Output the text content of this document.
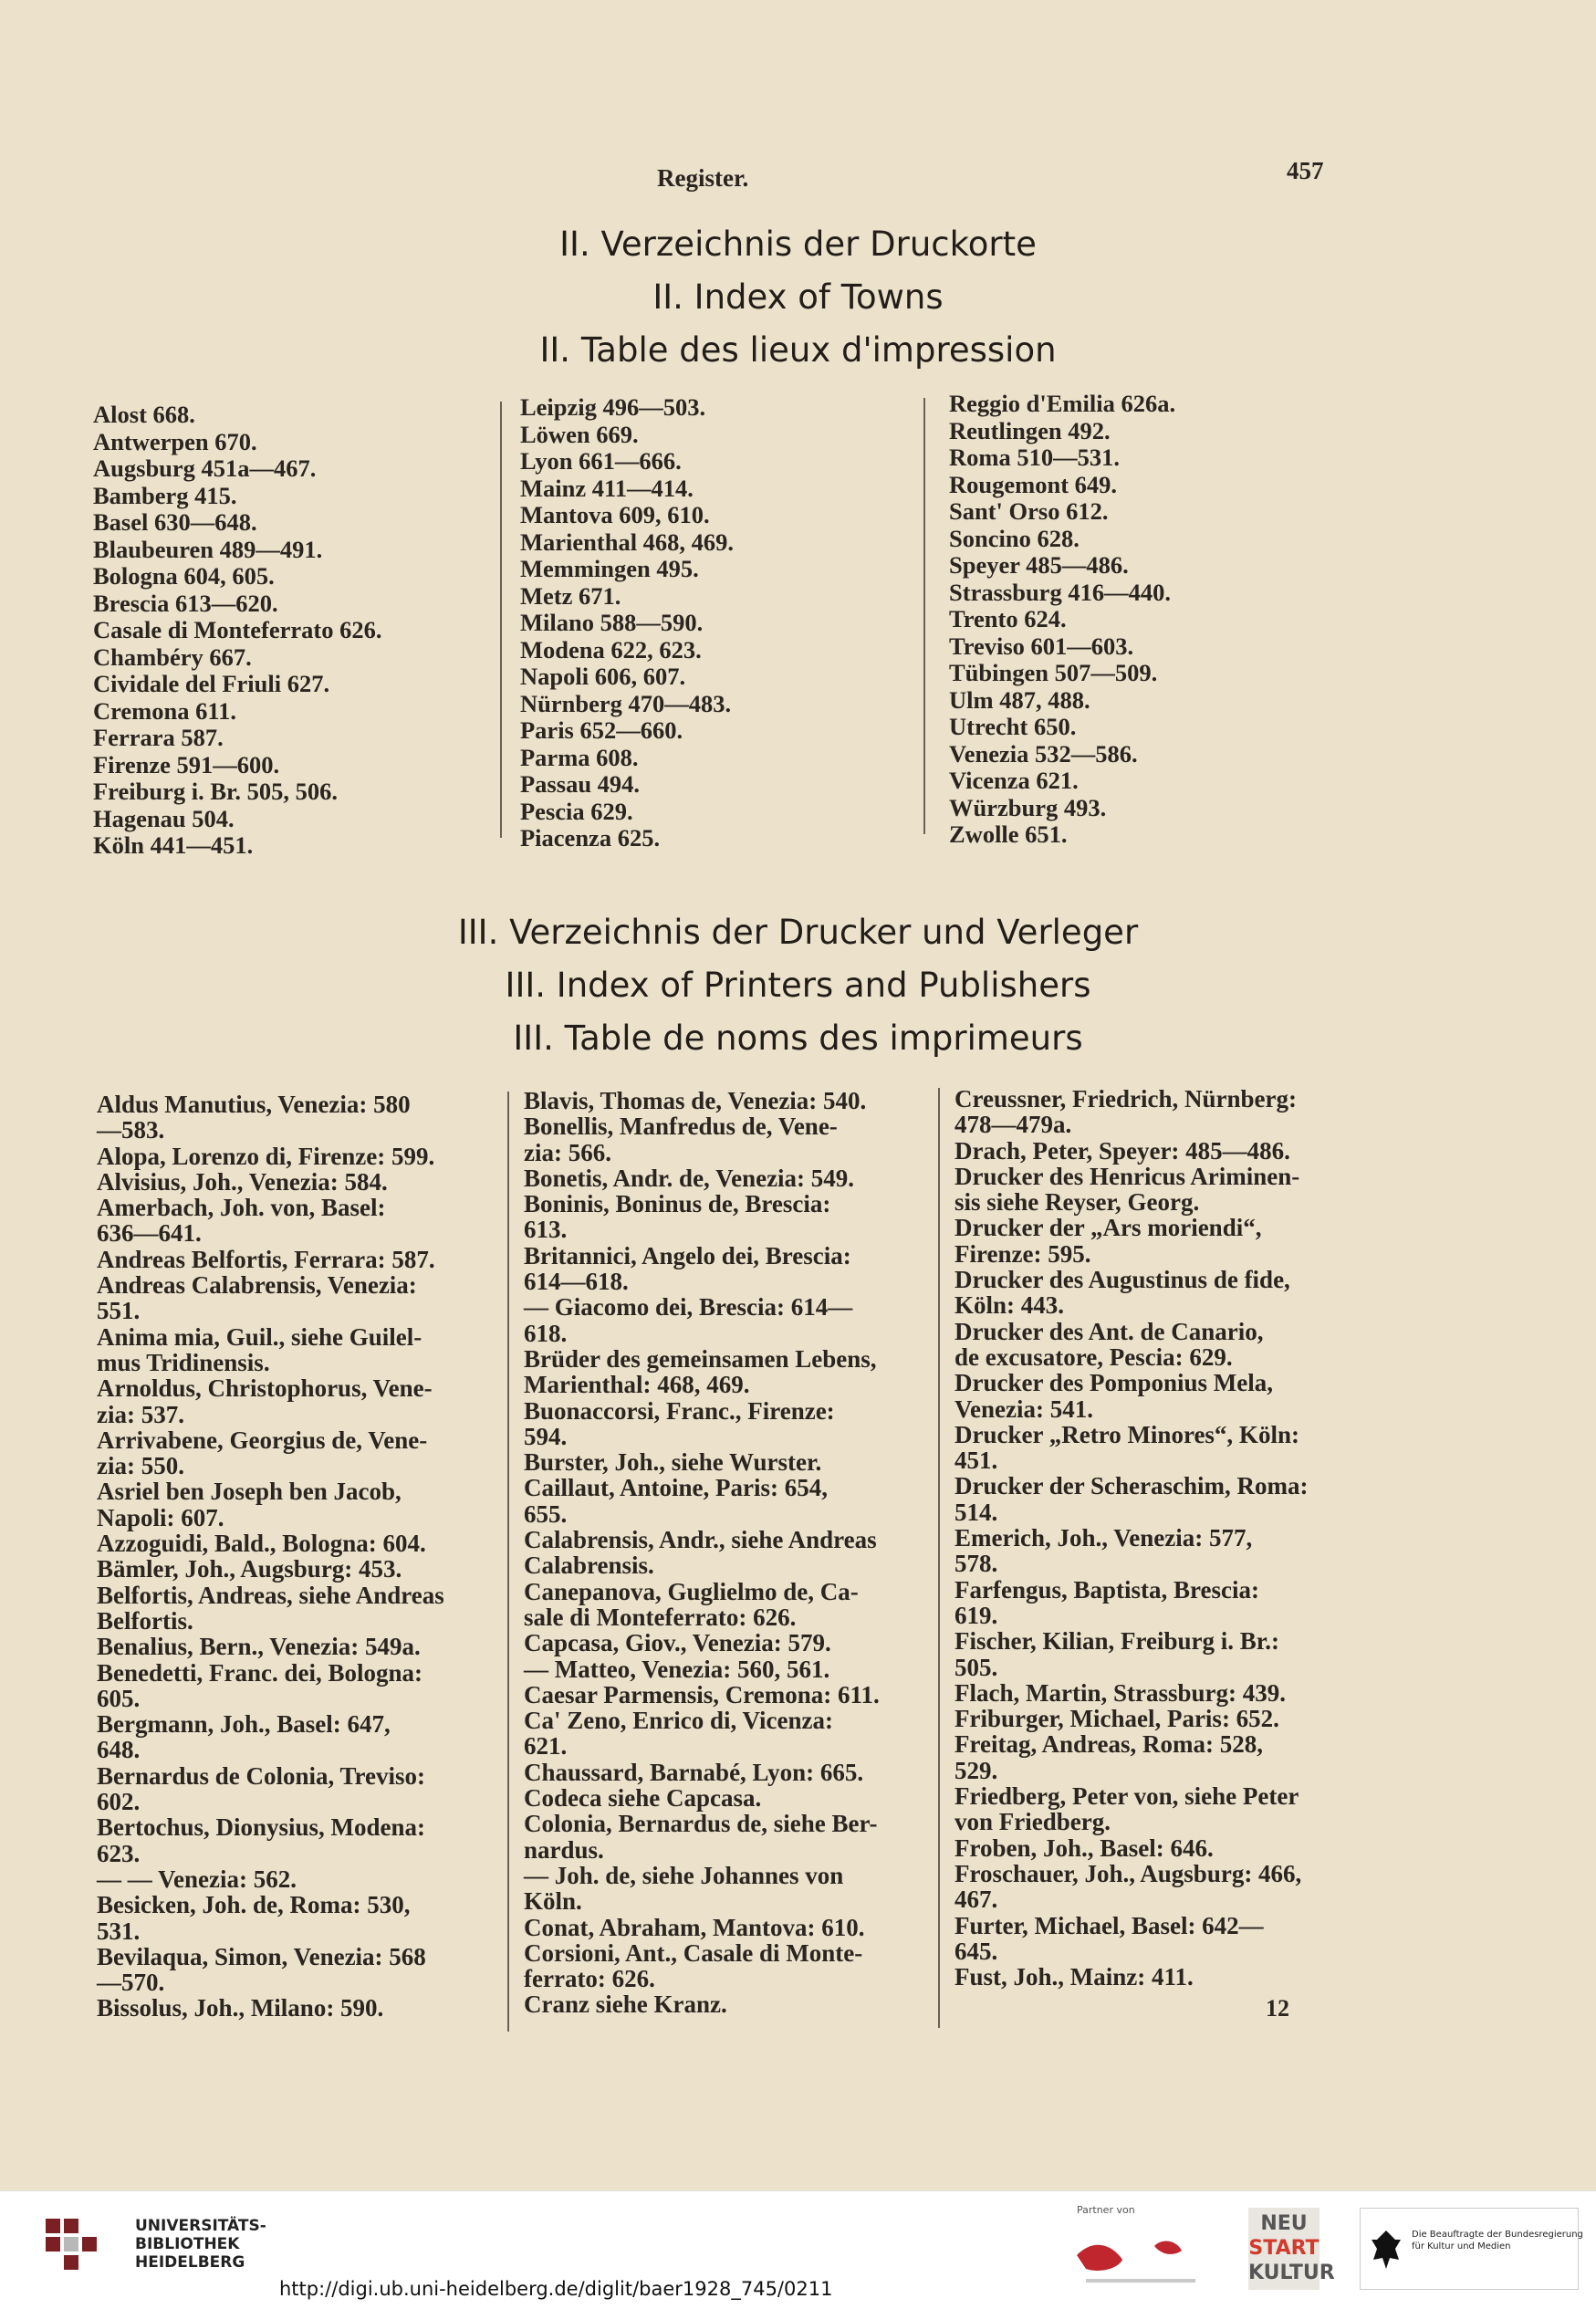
Register.	457
II. Verzeichnis der Druckorte
II. Index of Towns
II. Table des lieux d'impression
Alost 668.
Antwerpen 670.
Augsburg 451a—467.
Bamberg 415.
Basel 630—648.
Blaubeuren 489—491.
Bologna 604, 605.
Brescia 613—620.
Casale di Monteferrato 626.
Chambéry 667.
Cividale del Friuli 627.
Cremona 611.
Ferrara 587.
Firenze 591—600.
Freiburg i. Br. 505, 506.
Hagenau 504.
Köln 441—451.
Leipzig 496—503.
Löwen 669.
Lyon 661—666.
Mainz 411—414.
Mantova 609, 610.
Marienthal 468, 469.
Memmingen 495.
Metz 671.
Milano 588—590.
Modena 622, 623.
Napoli 606, 607.
Nürnberg 470—483.
Paris 652—660.
Parma 608.
Passau 494.
Pescia 629.
Piacenza 625.
Reggio d'Emilia 626a.
Reutlingen 492.
Roma 510—531.
Rougemont 649.
Sant' Orso 612.
Soncino 628.
Speyer 485—486.
Strassburg 416—440.
Trento 624.
Treviso 601—603.
Tübingen 507—509.
Ulm 487, 488.
Utrecht 650.
Venezia 532—586.
Vicenza 621.
Würzburg 493.
Zwolle 651.
III. Verzeichnis der Drucker und Verleger
III. Index of Printers and Publishers
III. Table de noms des imprimeurs
Aldus Manutius, Venezia: 580
—583.
Alopa, Lorenzo di, Firenze: 599.
Alvisius, Joh., Venezia: 584.
Amerbach, Joh. von, Basel:
636—641.
Andreas Belfortis, Ferrara: 587.
Andreas Calabrensis, Venezia:
551.
Anima mia, Guil., siehe Guilel-
mus Tridinensis.
Arnoldus, Christophorus, Vene-
zia: 537.
Arrivabene, Georgius de, Vene-
zia: 550.
Asriel ben Joseph ben Jacob,
Napoli: 607.
Azzoguidi, Bald., Bologna: 604.
Bämler, Joh., Augsburg: 453.
Belfortis, Andreas, siehe Andreas
Belfortis.
Benalius, Bern., Venezia: 549a.
Benedetti, Franc. dei, Bologna:
605.
Bergmann, Joh., Basel: 647,
648.
Bernardus de Colonia, Treviso:
602.
Bertochus, Dionysius, Modena:
623.
— — Venezia: 562.
Besicken, Joh. de, Roma: 530,
531.
Bevilaqua, Simon, Venezia: 568
—570.
Bissolus, Joh., Milano: 590.
Blavis, Thomas de, Venezia: 540.
Bonellis, Manfredus de, Vene-
zia: 566.
Bonetis, Andr. de, Venezia: 549.
Boninis, Boninus de, Brescia:
613.
Britannici, Angelo dei, Brescia:
614—618.
— Giacomo dei, Brescia: 614—
618.
Brüder des gemeinsamen Lebens,
Marienthal: 468, 469.
Buonaccorsi, Franc., Firenze:
594.
Burster, Joh., siehe Wurster.
Caillaut, Antoine, Paris: 654,
655.
Calabrensis, Andr., siehe Andreas
Calabrensis.
Canepanova, Guglielmo de, Ca-
sale di Monteferrato: 626.
Capcasa, Giov., Venezia: 579.
— Matteo, Venezia: 560, 561.
Caesar Parmensis, Cremona: 611.
Ca' Zeno, Enrico di, Vicenza:
621.
Chaussard, Barnabé, Lyon: 665.
Codeca siehe Capcasa.
Colonia, Bernardus de, siehe Ber-
nardus.
— Joh. de, siehe Johannes von
Köln.
Conat, Abraham, Mantova: 610.
Corsioni, Ant., Casale di Monte-
ferrato: 626.
Cranz siehe Kranz.
Creussner, Friedrich, Nürnberg:
478—479a.
Drach, Peter, Speyer: 485—486.
Drucker des Henricus Ariminen-
sis siehe Reyser, Georg.
Drucker der „Ars moriendi“,
Firenze: 595.
Drucker des Augustinus de fide,
Köln: 443.
Drucker des Ant. de Canario,
de excusatore, Pescia: 629.
Drucker des Pomponius Mela,
Venezia: 541.
Drucker „Retro Minores“, Köln:
451.
Drucker der Scheraschim, Roma:
514.
Emerich, Joh., Venezia: 577,
578.
Farfengus, Baptista, Brescia:
619.
Fischer, Kilian, Freiburg i. Br.:
505.
Flach, Martin, Strassburg: 439.
Friburger, Michael, Paris: 652.
Freitag, Andreas, Roma: 528,
529.
Friedberg, Peter von, siehe Peter
von Friedberg.
Froben, Joh., Basel: 646.
Froschauer, Joh., Augsburg: 466,
467.
Furter, Michael, Basel: 642—
645.
Fust, Joh., Mainz: 411.
12
UNIVERSITÄTS-
BIBLIOTHEK
HEIDELBERG
http://digi.ub.uni-heidelberg.de/diglit/baer1928_745/0211
Partner von
NEU
START
KULTUR
Die Beauftragte der Bundesregierung
für Kultur und Medien
